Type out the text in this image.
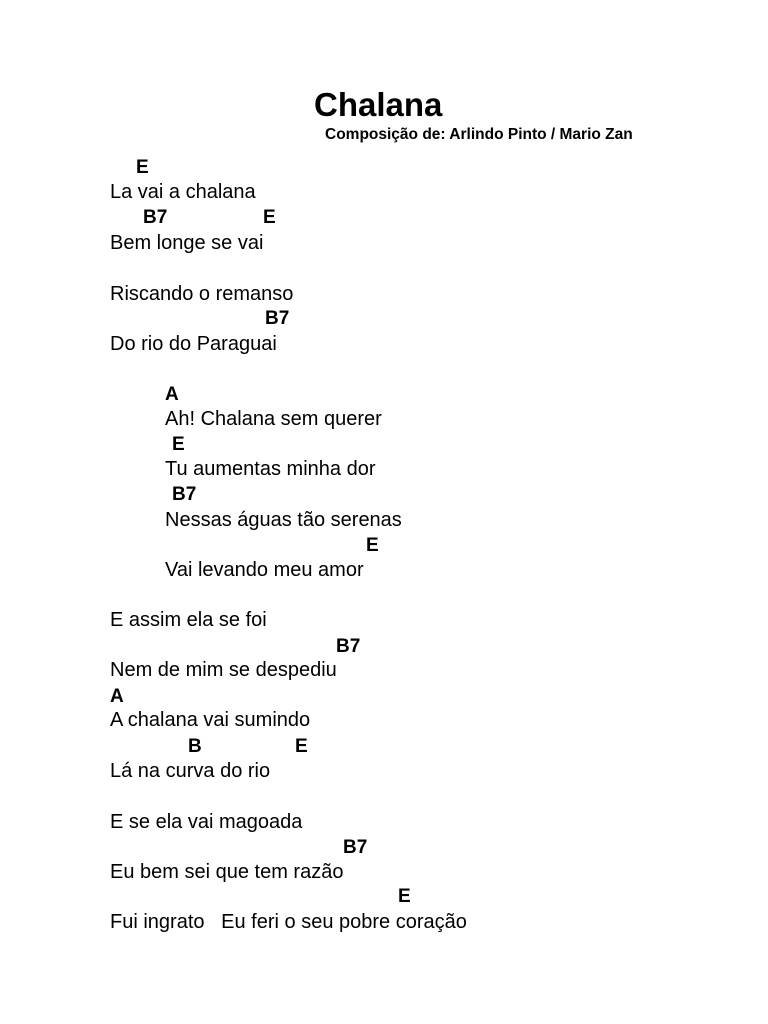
Chalana
Composição de: Arlindo Pinto / Mario Zan
E
La vai a chalana
B7	E
Bem longe se vai
Riscando o remanso
B7
Do rio do Paraguai
A
Ah! Chalana sem querer
E
Tu aumentas minha dor
B7
Nessas águas tão serenas
E
Vai levando meu amor
E assim ela se foi
B7
Nem de mim se despediu
A
A chalana vai sumindo
B	E
Lá na curva do rio
E se ela vai magoada
B7
Eu bem sei que tem razão
E
Fui ingrato   Eu feri o seu pobre coração
